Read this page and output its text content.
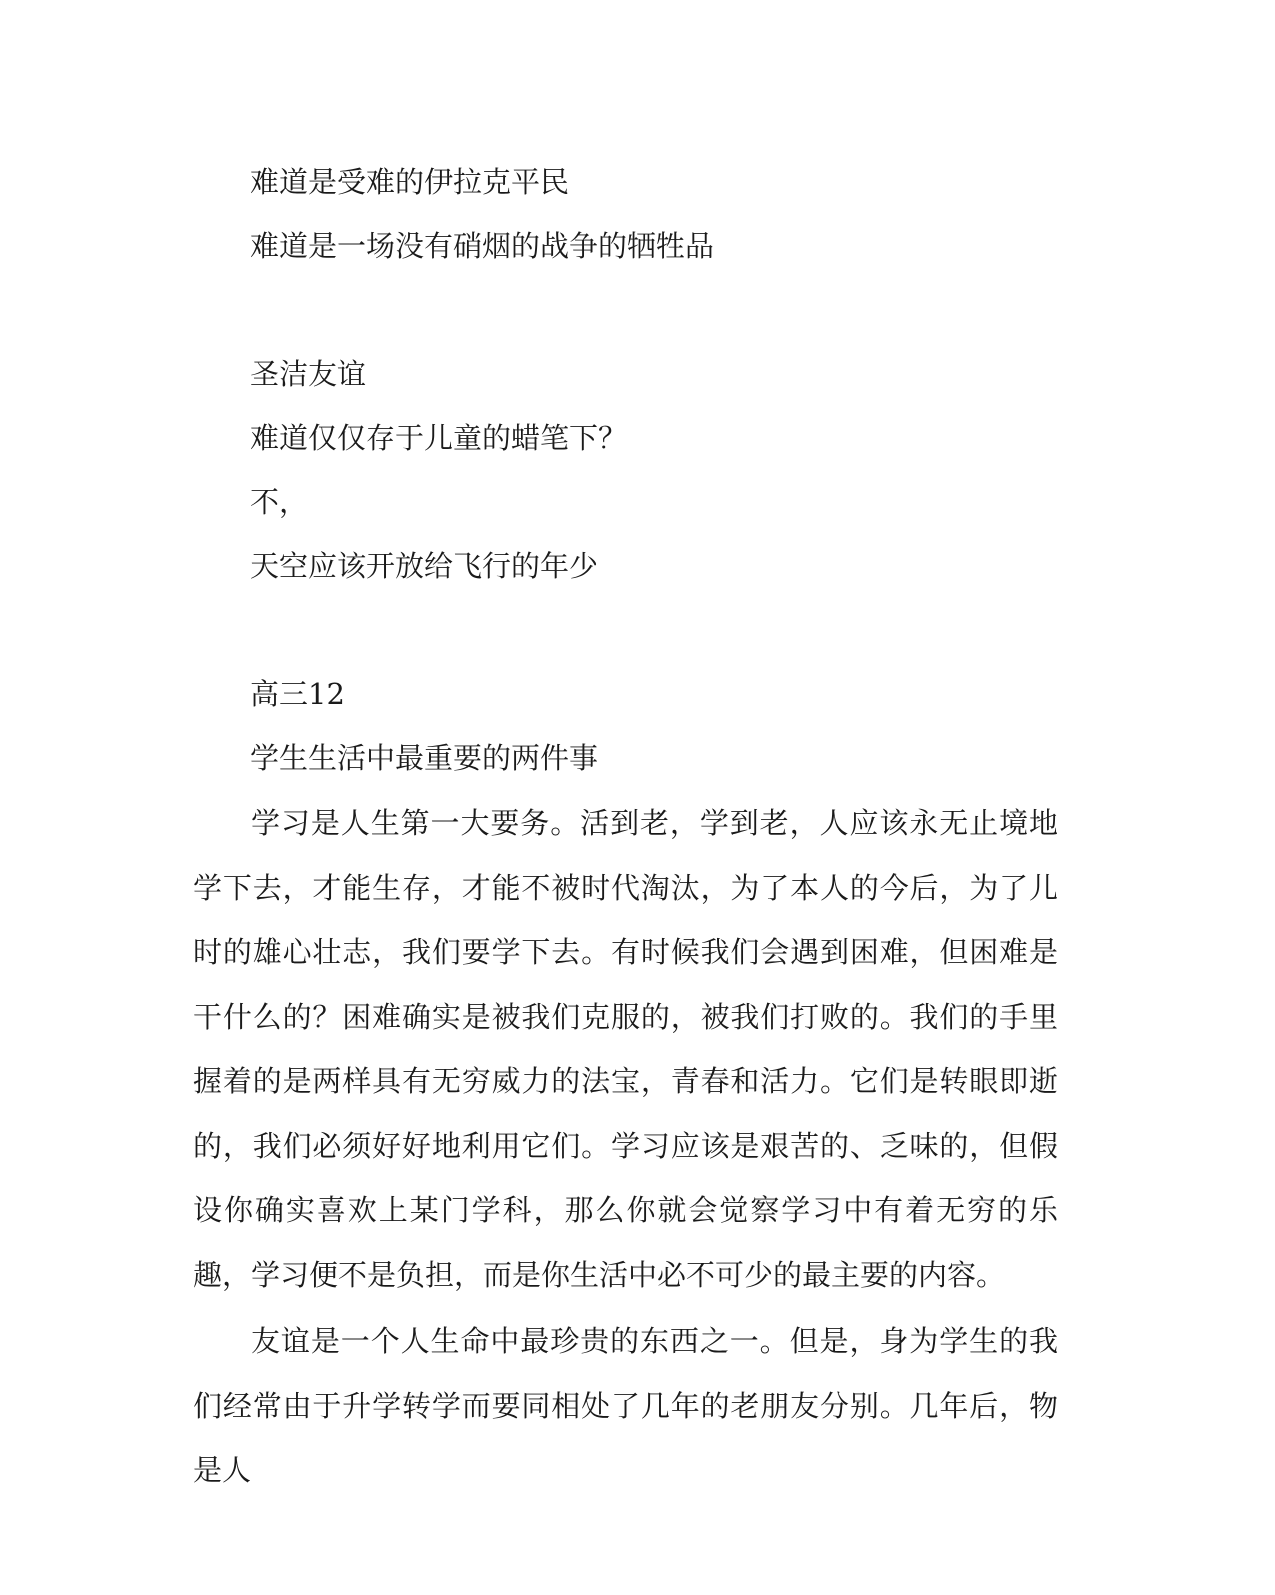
难道是受难的伊拉克平民
难道是一场没有硝烟的战争的牺牲品
圣洁友谊
难道仅仅存于儿童的蜡笔下？
不，
天空应该开放给飞行的年少
高三12
学生生活中最重要的两件事

学习是人生第一大要务。活到老，学到老，人应该永无止境地学下去，才能生存，才能不被时代淘汰，为了本人的今后，为了儿时的雄心壮志，我们要学下去。有时候我们会遇到困难，但困难是干什么的？困难确实是被我们克服的，被我们打败的。我们的手里握着的是两样具有无穷威力的法宝，青春和活力。它们是转眼即逝的，我们必须好好地利用它们。学习应该是艰苦的、乏味的，但假设你确实喜欢上某门学科，那么你就会觉察学习中有着无穷的乐趣，学习便不是负担，而是你生活中必不可少的最主要的内容。

友谊是一个人生命中最珍贵的东西之一。但是，身为学生的我们经常由于升学转学而要同相处了几年的老朋友分别。几年后，物是人
